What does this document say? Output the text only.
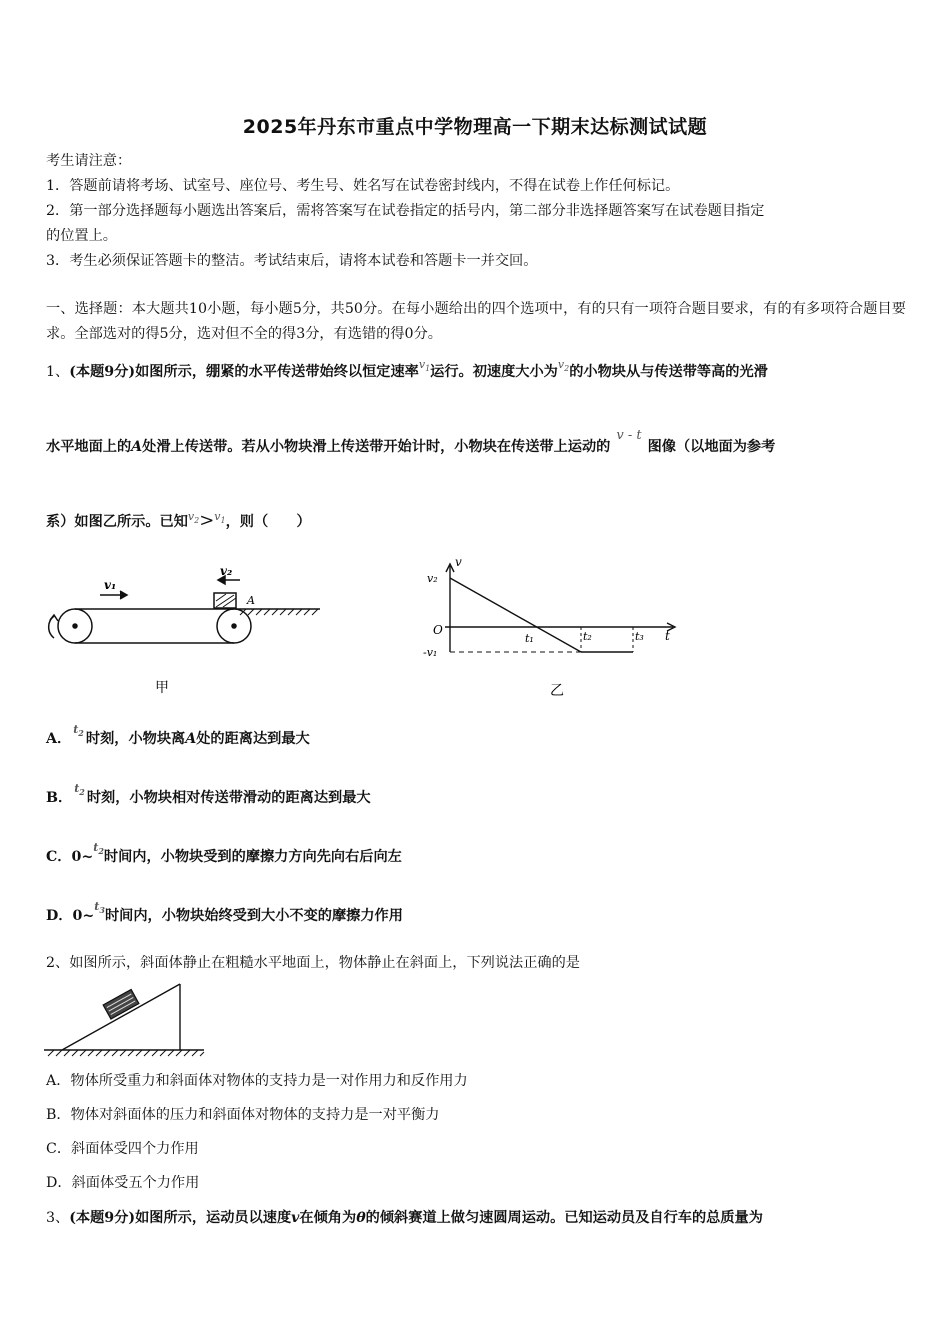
2025年丹东市重点中学物理高一下期末达标测试试题
考生请注意：
1．答题前请将考场、试室号、座位号、考生号、姓名写在试卷密封线内，不得在试卷上作任何标记。
2．第一部分选择题每小题选出答案后，需将答案写在试卷指定的括号内，第二部分非选择题答案写在试卷题目指定
的位置上。
3．考生必须保证答题卡的整洁。考试结束后，请将本试卷和答题卡一并交回。
一、选择题：本大题共10小题，每小题5分，共50分。在每小题给出的四个选项中，有的只有一项符合题目要求，有的有多项符合题目要求。全部选对的得5分，选对但不全的得3分，有选错的得0分。
1、(本题9分)如图所示，绷紧的水平传送带始终以恒定速率$v_1$运行。初速度大小为$v_2$的小物块从与传送带等高的光滑
水平地面上的A处滑上传送带。若从小物块滑上传送带开始计时，小物块在传送带上运动的v - t图像（以地面为参考
系）如图乙所示。已知$v_2>v_1$，则（　　）
v₁
v₂
A
甲
v
v₂
O
-v₁
t₁	t₂	t₃ t
乙
A．$t_2$ 时刻，小物块离A处的距离达到最大
B．$t_2$ 时刻，小物块相对传送带滑动的距离达到最大
C．$0\sim t_2$时间内，小物块受到的摩擦力方向先向右后向左
D．$0\sim t_3$时间内，小物块始终受到大小不变的摩擦力作用
2、如图所示，斜面体静止在粗糙水平地面上，物体静止在斜面上，下列说法正确的是
A．物体所受重力和斜面体对物体的支持力是一对作用力和反作用力
B．物体对斜面体的压力和斜面体对物体的支持力是一对平衡力
C．斜面体受四个力作用
D．斜面体受五个力作用
3、(本题9分)如图所示，运动员以速度v在倾角为θ的倾斜赛道上做匀速圆周运动。已知运动员及自行车的总质量为
